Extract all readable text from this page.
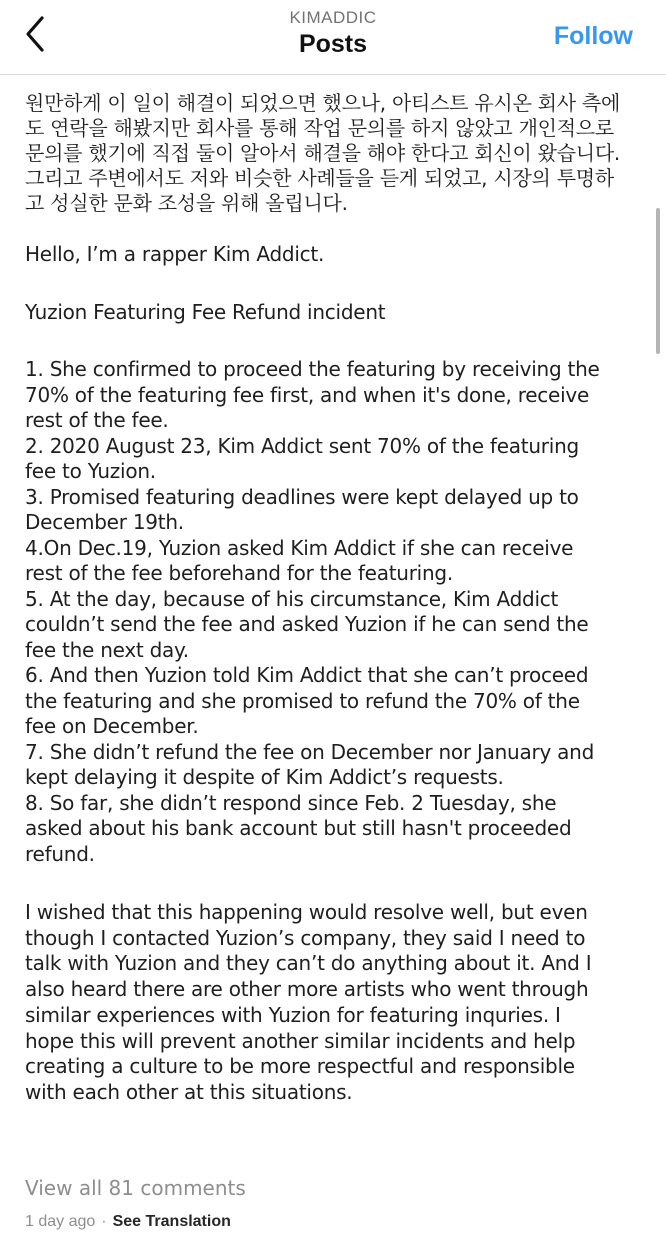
원만하게 이 일이 해결이 되었으면 했으나, 아티스트 유시온 회사 측에
도 연락을 해봤지만 회사를 통해 작업 문의를 하지 않았고 개인적으로
문의를 했기에 직접 둘이 알아서 해결을 해야 한다고 회신이 왔습니다.
그리고 주변에서도 저와 비슷한 사례들을 듣게 되었고, 시장의 투명하
고 성실한 문화 조성을 위해 올립니다.
Hello, I’m a rapper Kim Addict.
Yuzion Featuring Fee Refund incident
1. She confirmed to proceed the featuring by receiving the
70% of the featuring fee first, and when it's done, receive
rest of the fee.
2. 2020 August 23, Kim Addict sent 70% of the featuring
fee to Yuzion.
3. Promised featuring deadlines were kept delayed up to
December 19th.
4.On Dec.19, Yuzion asked Kim Addict if she can receive
rest of the fee beforehand for the featuring.
5. At the day, because of his circumstance, Kim Addict
couldn’t send the fee and asked Yuzion if he can send the
fee the next day.
6. And then Yuzion told Kim Addict that she can’t proceed
the featuring and she promised to refund the 70% of the
fee on December.
7. She didn’t refund the fee on December nor January and
kept delaying it despite of Kim Addict’s requests.
8. So far, she didn’t respond since Feb. 2 Tuesday, she
asked about his bank account but still hasn't proceeded
refund.
I wished that this happening would resolve well, but even
though I contacted Yuzion’s company, they said I need to
talk with Yuzion and they can’t do anything about it. And I
also heard there are other more artists who went through
similar experiences with Yuzion for featuring inquries. I
hope this will prevent another similar incidents and help
creating a culture to be more respectful and responsible
with each other at this situations.
KIMADDIC
Posts	Follow
View all 81 comments
1 day ago · See Translation
